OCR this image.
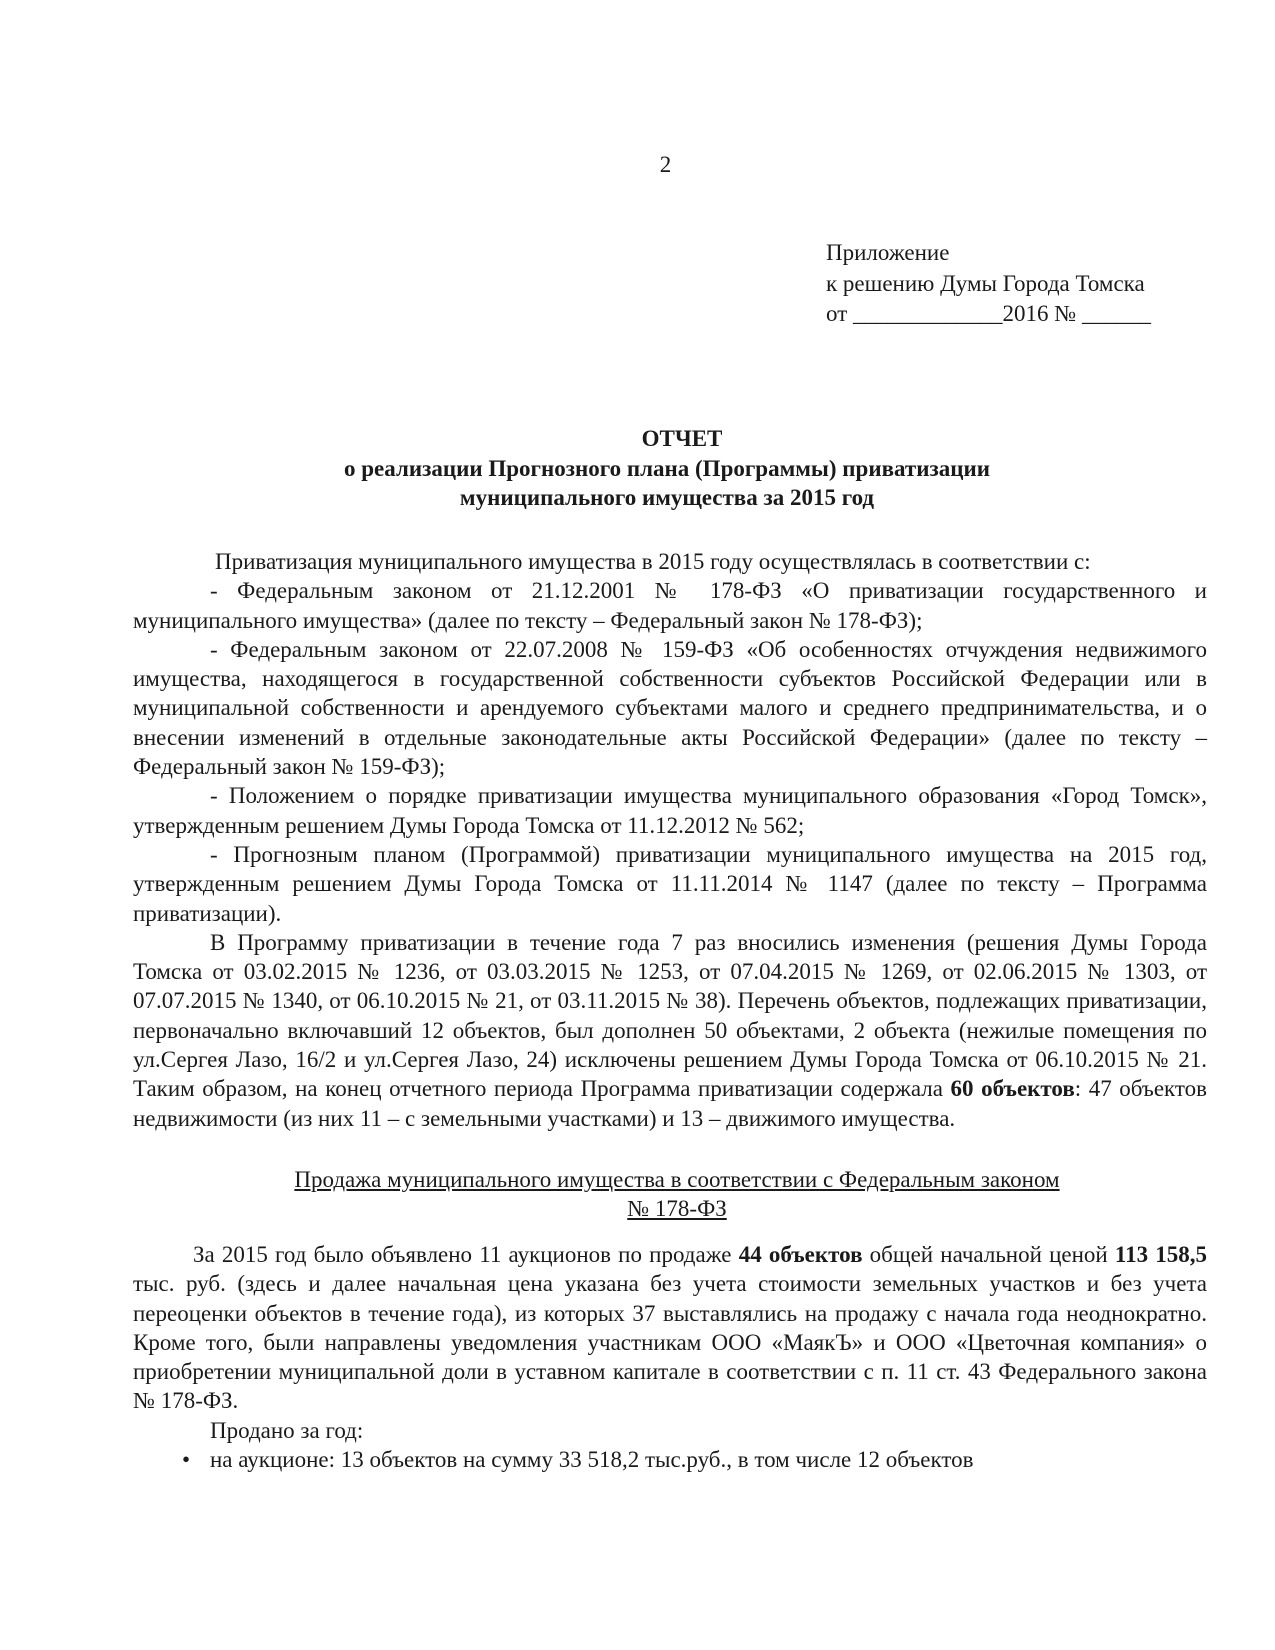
2
Приложение
к решению Думы Города Томска
от _____________2016 № ______
ОТЧЕТ
о реализации Прогнозного плана (Программы) приватизации
муниципального имущества за 2015 год

Приватизация муниципального имущества в 2015 году осуществлялась в соответствии с:

- Федеральным законом от 21.12.2001 № 178-ФЗ «О приватизации государственного и муниципального имущества» (далее по тексту – Федеральный закон № 178-ФЗ);

- Федеральным законом от 22.07.2008 № 159-ФЗ «Об особенностях отчуждения недвижимого имущества, находящегося в государственной собственности субъектов Российской Федерации или в муниципальной собственности и арендуемого субъектами малого и среднего предпринимательства, и о внесении изменений в отдельные законодательные акты Российской Федерации» (далее по тексту – Федеральный закон № 159-ФЗ);

- Положением о порядке приватизации имущества муниципального образования «Город Томск», утвержденным решением Думы Города Томска от 11.12.2012 № 562;

- Прогнозным планом (Программой) приватизации муниципального имущества на 2015 год, утвержденным решением Думы Города Томска от 11.11.2014 № 1147 (далее по тексту – Программа приватизации).

В Программу приватизации в течение года 7 раз вносились изменения (решения Думы Города Томска от 03.02.2015 № 1236, от 03.03.2015 № 1253, от 07.04.2015 № 1269, от 02.06.2015 № 1303, от 07.07.2015 № 1340, от 06.10.2015 № 21, от 03.11.2015 № 38). Перечень объектов, подлежащих приватизации, первоначально включавший 12 объектов, был дополнен 50 объектами, 2 объекта (нежилые помещения по ул.Сергея Лазо, 16/2 и ул.Сергея Лазо, 24) исключены решением Думы Города Томска от 06.10.2015 № 21. Таким образом, на конец отчетного периода Программа приватизации содержала 60 объектов: 47 объектов недвижимости (из них 11 – с земельными участками) и 13 – движимого имущества.

Продажа муниципального имущества в соответствии с Федеральным законом
№ 178-ФЗ

За 2015 год было объявлено 11 аукционов по продаже 44 объектов общей начальной ценой 113 158,5 тыс. руб. (здесь и далее начальная цена указана без учета стоимости земельных участков и без учета переоценки объектов в течение года), из которых 37 выставлялись на продажу с начала года неоднократно. Кроме того, были направлены уведомления участникам ООО «МаякЪ» и ООО «Цветочная компания» о приобретении муниципальной доли в уставном капитале в соответствии с п. 11 ст. 43 Федерального закона № 178-ФЗ.

Продано за год:

• на аукционе: 13 объектов на сумму 33 518,2 тыс.руб., в том числе 12 объектов
